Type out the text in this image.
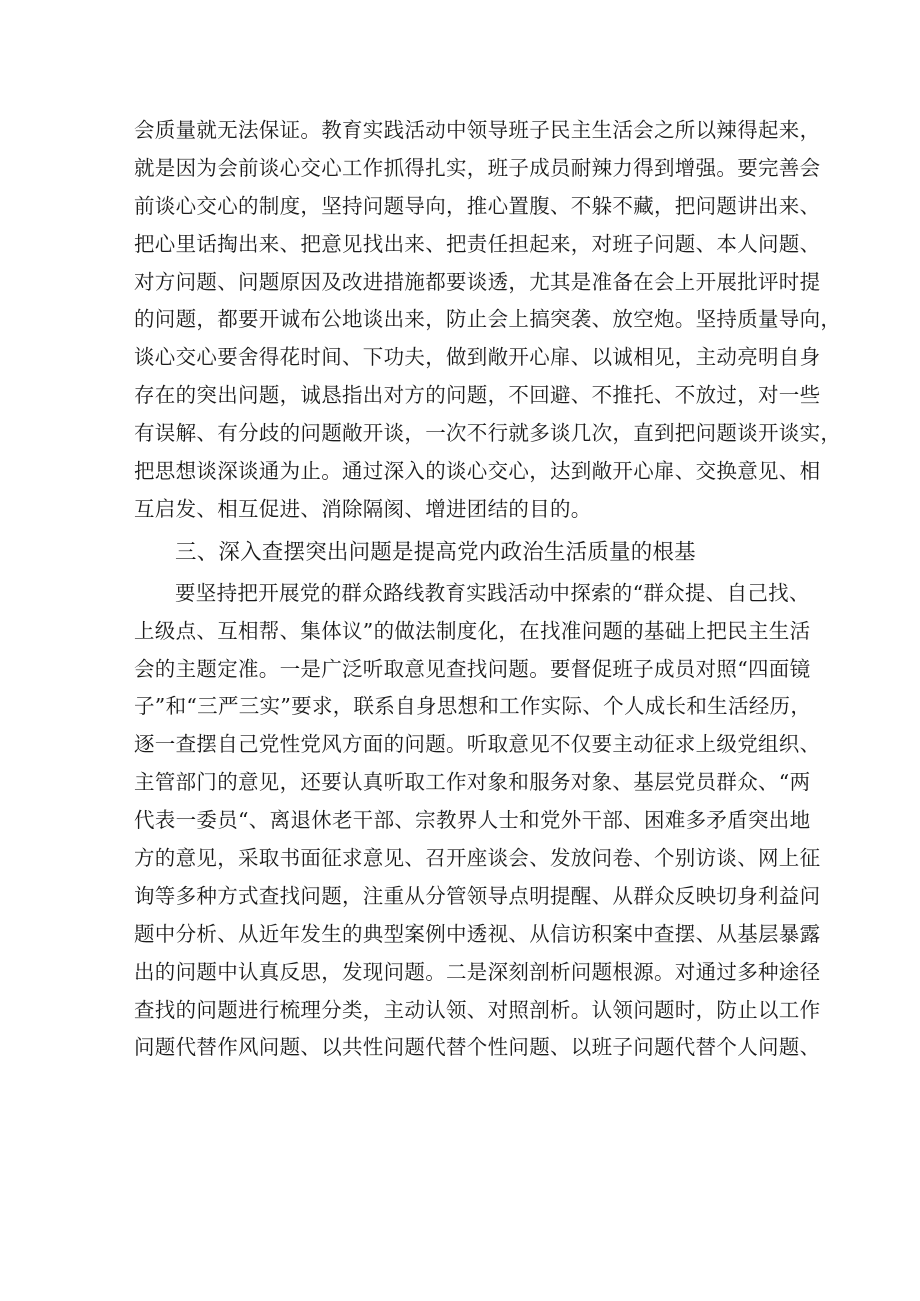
会质量就无法保证。教育实践活动中领导班子民主生活会之所以辣得起来，
就是因为会前谈心交心工作抓得扎实，班子成员耐辣力得到增强。要完善会
前谈心交心的制度，坚持问题导向，推心置腹、不躲不藏，把问题讲出来、
把心里话掏出来、把意见找出来、把责任担起来，对班子问题、本人问题、
对方问题、问题原因及改进措施都要谈透，尤其是准备在会上开展批评时提
的问题，都要开诚布公地谈出来，防止会上搞突袭、放空炮。坚持质量导向，
谈心交心要舍得花时间、下功夫，做到敞开心扉、以诚相见，主动亮明自身
存在的突出问题，诚恳指出对方的问题，不回避、不推托、不放过，对一些
有误解、有分歧的问题敞开谈，一次不行就多谈几次，直到把问题谈开谈实，
把思想谈深谈通为止。通过深入的谈心交心，达到敞开心扉、交换意见、相
互启发、相互促进、消除隔阂、增进团结的目的。
三、深入查摆突出问题是提高党内政治生活质量的根基
要坚持把开展党的群众路线教育实践活动中探索的“群众提、自己找、
上级点、互相帮、集体议”的做法制度化，在找准问题的基础上把民主生活
会的主题定准。一是广泛听取意见查找问题。要督促班子成员对照“四面镜
子”和“三严三实”要求，联系自身思想和工作实际、个人成长和生活经历，
逐一查摆自己党性党风方面的问题。听取意见不仅要主动征求上级党组织、
主管部门的意见，还要认真听取工作对象和服务对象、基层党员群众、“两
代表一委员“、离退休老干部、宗教界人士和党外干部、困难多矛盾突出地
方的意见，采取书面征求意见、召开座谈会、发放问卷、个别访谈、网上征
询等多种方式查找问题，注重从分管领导点明提醒、从群众反映切身利益问
题中分析、从近年发生的典型案例中透视、从信访积案中查摆、从基层暴露
出的问题中认真反思，发现问题。二是深刻剖析问题根源。对通过多种途径
查找的问题进行梳理分类，主动认领、对照剖析。认领问题时，防止以工作
问题代替作风问题、以共性问题代替个性问题、以班子问题代替个人问题、
